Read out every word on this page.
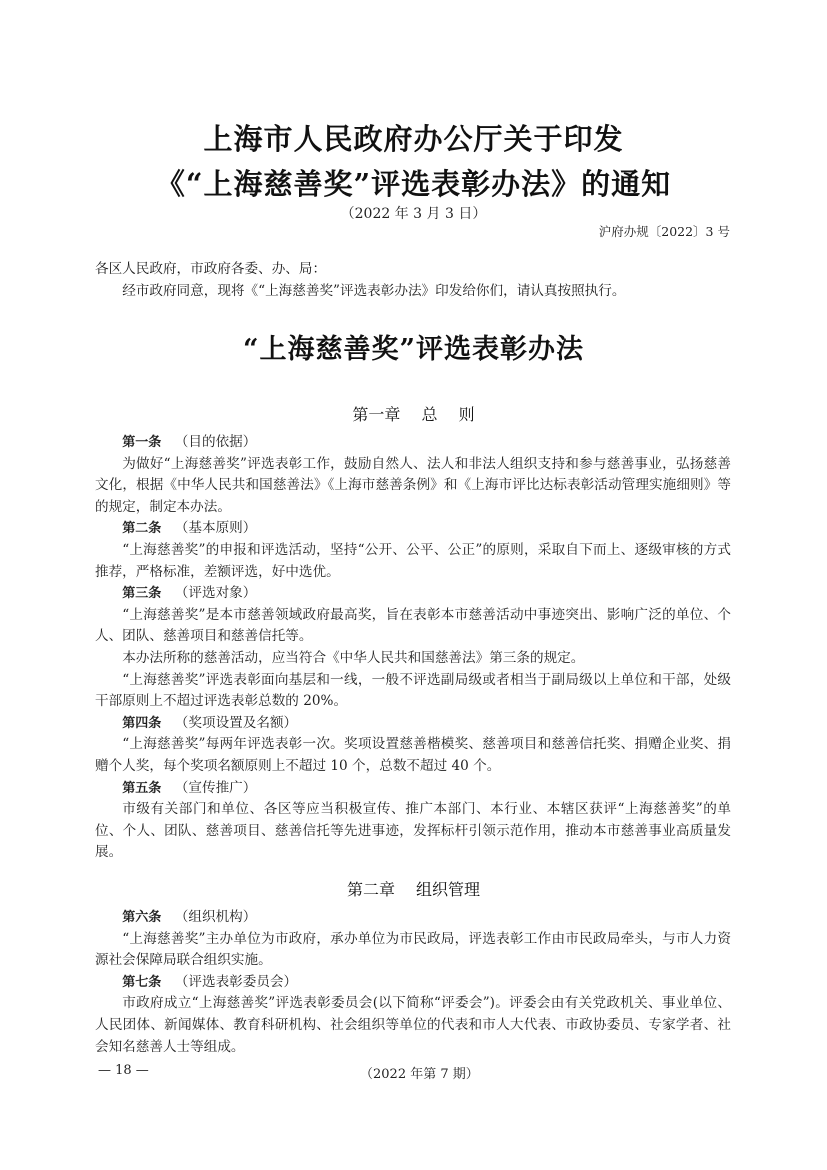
上海市人民政府办公厅关于印发
《“上海慈善奖”评选表彰办法》的通知
（2022 年 3 月 3 日）
沪府办规〔2022〕3 号

各区人民政府，市政府各委、办、局：

经市政府同意，现将《“上海慈善奖”评选表彰办法》印发给你们，请认真按照执行。

“上海慈善奖”评选表彰办法
第一章　 总　 则

第一条 （目的依据）

为做好“上海慈善奖”评选表彰工作，鼓励自然人、法人和非法人组织支持和参与慈善事业，弘扬慈善文化，根据《中华人民共和国慈善法》《上海市慈善条例》和《上海市评比达标表彰活动管理实施细则》等的规定，制定本办法。

第二条 （基本原则）

“上海慈善奖”的申报和评选活动，坚持“公开、公平、公正”的原则，采取自下而上、逐级审核的方式推荐，严格标准，差额评选，好中选优。

第三条 （评选对象）

“上海慈善奖”是本市慈善领域政府最高奖，旨在表彰本市慈善活动中事迹突出、影响广泛的单位、个人、团队、慈善项目和慈善信托等。

本办法所称的慈善活动，应当符合《中华人民共和国慈善法》第三条的规定。

“上海慈善奖”评选表彰面向基层和一线，一般不评选副局级或者相当于副局级以上单位和干部，处级干部原则上不超过评选表彰总数的 20%。

第四条 （奖项设置及名额）

“上海慈善奖”每两年评选表彰一次。奖项设置慈善楷模奖、慈善项目和慈善信托奖、捐赠企业奖、捐赠个人奖，每个奖项名额原则上不超过 10 个，总数不超过 40 个。

第五条 （宣传推广）

市级有关部门和单位、各区等应当积极宣传、推广本部门、本行业、本辖区获评“上海慈善奖”的单位、个人、团队、慈善项目、慈善信托等先进事迹，发挥标杆引领示范作用，推动本市慈善事业高质量发展。

第二章　 组织管理

第六条 （组织机构）

“上海慈善奖”主办单位为市政府，承办单位为市民政局，评选表彰工作由市民政局牵头，与市人力资源社会保障局联合组织实施。

第七条 （评选表彰委员会）

市政府成立“上海慈善奖”评选表彰委员会(以下简称“评委会”)。评委会由有关党政机关、事业单位、人民团体、新闻媒体、教育科研机构、社会组织等单位的代表和市人大代表、市政协委员、专家学者、社会知名慈善人士等组成。

— 18 —	（2022 年第 7 期）
